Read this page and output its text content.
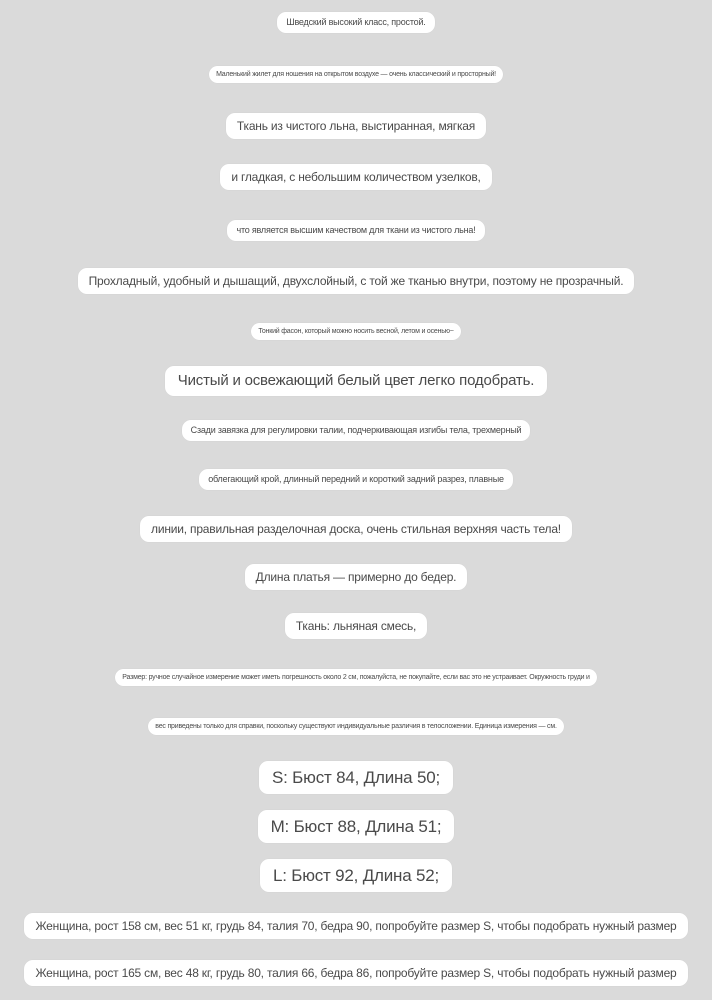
Шведский высокий класс, простой.
Маленький жилет для ношения на открытом воздухе — очень классический и просторный!
Ткань из чистого льна, выстиранная, мягкая
и гладкая, с небольшим количеством узелков,
что является высшим качеством для ткани из чистого льна!
Прохладный, удобный и дышащий, двухслойный, с той же тканью внутри, поэтому не прозрачный.
Тонкий фасон, который можно носить весной, летом и осенью~
Чистый и освежающий белый цвет легко подобрать.
Сзади завязка для регулировки талии, подчеркивающая изгибы тела, трехмерный
облегающий крой, длинный передний и короткий задний разрез, плавные
линии, правильная разделочная доска, очень стильная верхняя часть тела!
Длина платья — примерно до бедер.
Ткань: льняная смесь,
Размер: ручное случайное измерение может иметь погрешность около 2 см, пожалуйста, не покупайте, если вас это не устраивает. Окружность груди и
вес приведены только для справки, поскольку существуют индивидуальные различия в телосложении. Единица измерения — см.
S: Бюст 84, Длина 50;
M: Бюст 88, Длина 51;
L: Бюст 92, Длина 52;
Женщина, рост 158 см, вес 51 кг, грудь 84, талия 70, бедра 90, попробуйте размер S, чтобы подобрать нужный размер
Женщина, рост 165 см, вес 48 кг, грудь 80, талия 66, бедра 86, попробуйте размер S, чтобы подобрать нужный размер
